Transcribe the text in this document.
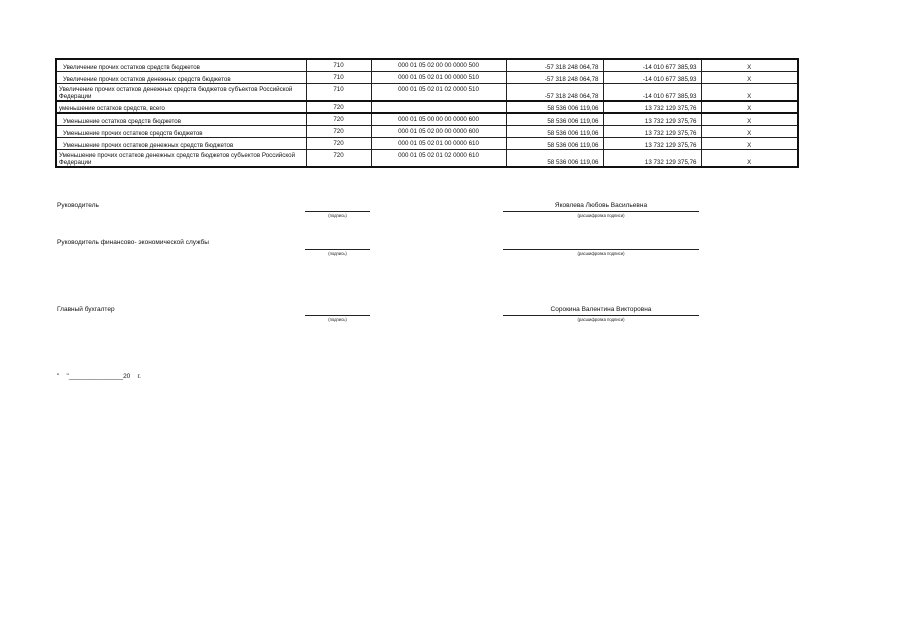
Увеличение прочих остатков средств бюджетов	710	000 01 05 02 00 00 0000 500	-57 318 248 064,78	-14 010 677 385,93	X
Увеличение прочих остатков денежных средств бюджетов	710	000 01 05 02 01 00 0000 510	-57 318 248 064,78	-14 010 677 385,93	X
Увеличение прочих остатков денежных средств бюджетов субъектов Российской Федерации	710	000 01 05 02 01 02 0000 510	-57 318 248 064,78	-14 010 677 385,93	X
уменьшение остатков средств, всего	720		58 536 006 119,06	13 732 129 375,76	X
Уменьшение остатков средств бюджетов	720	000 01 05 00 00 00 0000 600	58 536 006 119,06	13 732 129 375,76	X
Уменьшение прочих остатков средств бюджетов	720	000 01 05 02 00 00 0000 600	58 536 006 119,06	13 732 129 375,76	X
Уменьшение прочих остатков денежных средств бюджетов	720	000 01 05 02 01 00 0000 610	58 536 006 119,06	13 732 129 375,76	X
Уменьшение прочих остатков денежных средств бюджетов субъектов Российской Федерации	720	000 01 05 02 01 02 0000 610	58 536 006 119,06	13 732 129 375,76	X
Руководитель
(подпись)
Яковлева Любовь Васильевна
(расшифровка подписи)
Руководитель финансово- экономической службы
(подпись)	(расшифровка подписи)
Главный бухгалтер
(подпись)
Сорокина Валентина Викторовна
(расшифровка подписи)
"    "_______________20    г.
